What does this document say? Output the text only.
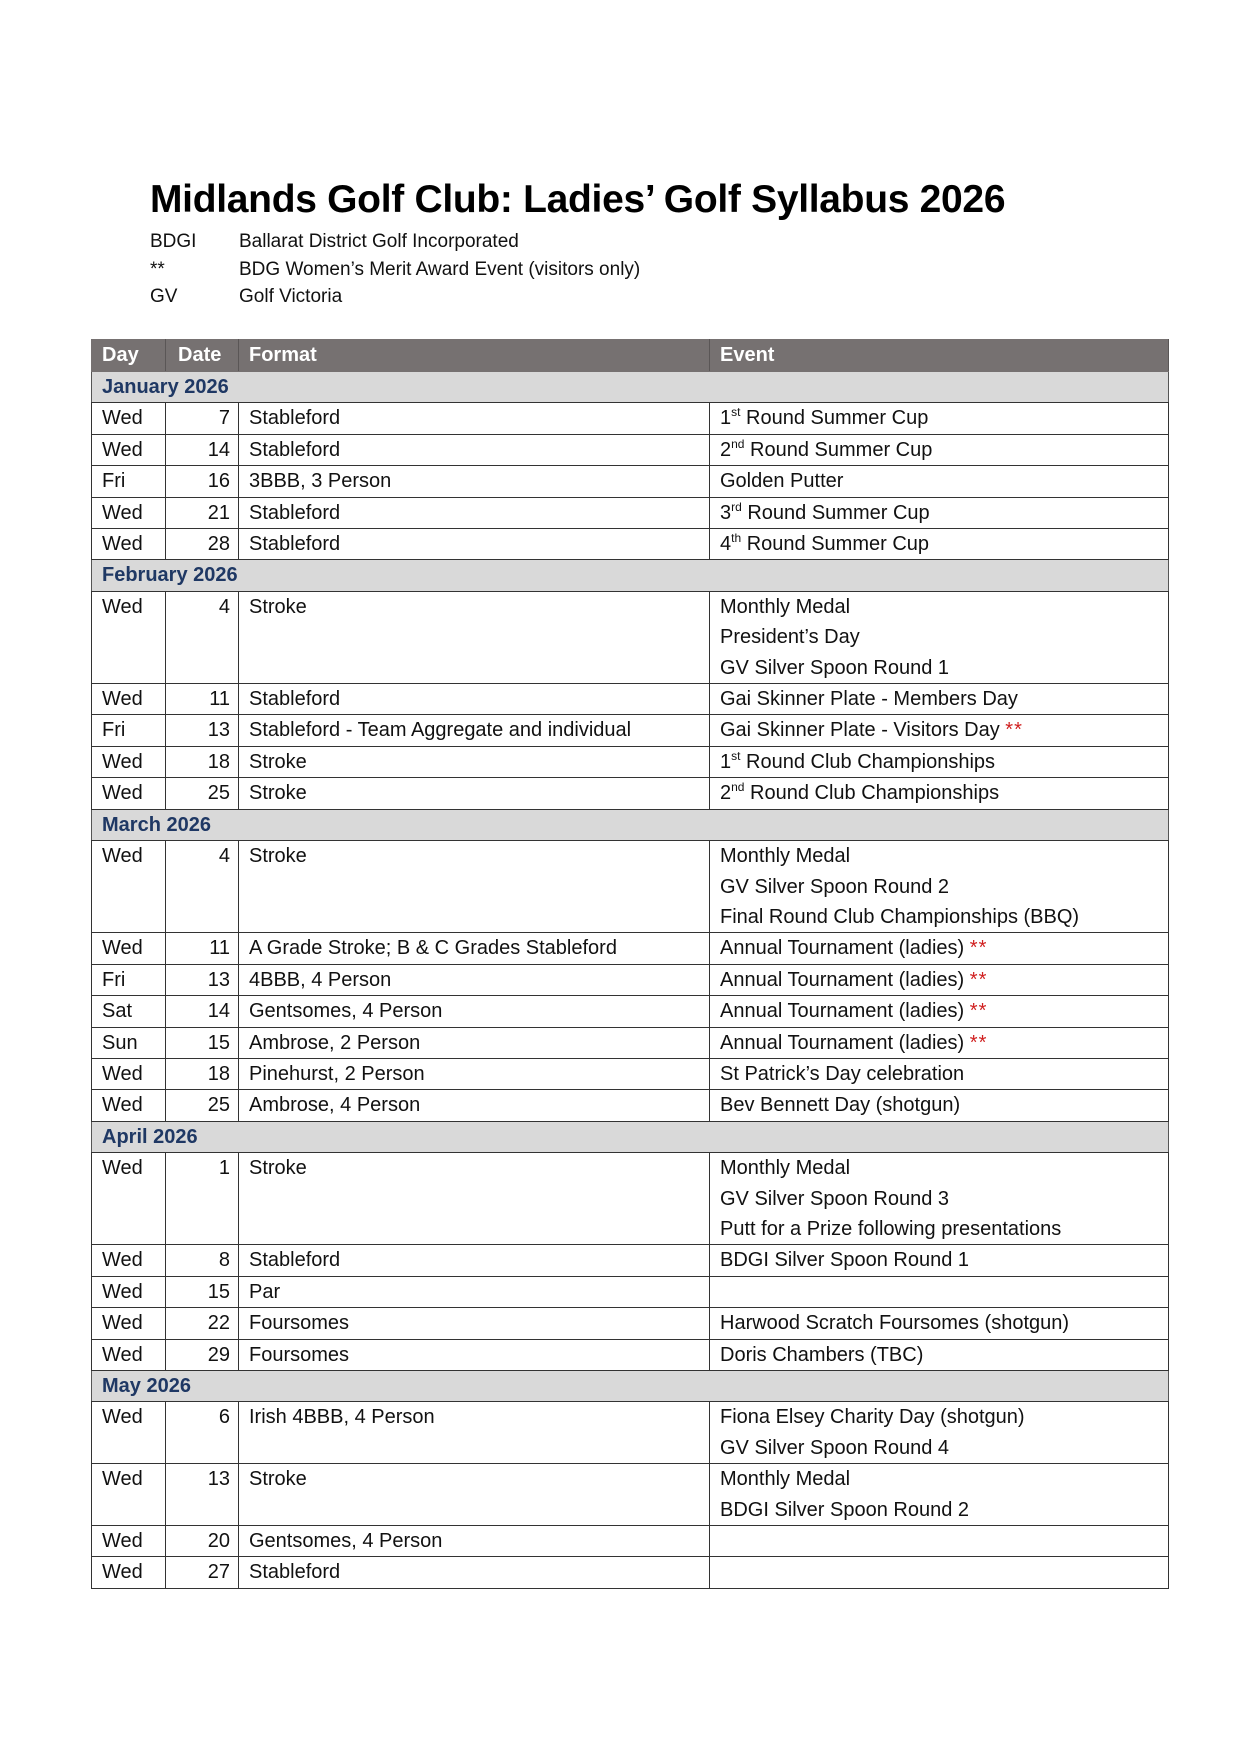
Midlands Golf Club: Ladies’ Golf Syllabus 2026
BDGI	Ballarat District Golf Incorporated
**	BDG Women’s Merit Award Event (visitors only)
GV	Golf Victoria
Day	Date	Format	Event
January 2026			
Wed	7	Stableford	1st Round Summer Cup

Wed	14	Stableford	2nd Round Summer Cup

Fri	16	3BBB, 3 Person	Golden Putter

Wed	21	Stableford	3rd Round Summer Cup

Wed	28	Stableford	4th Round Summer Cup

February 2026			
Wed	4	Stroke	Monthly Medal
President’s Day
GV Silver Spoon Round 1

Wed	11	Stableford	Gai Skinner Plate - Members Day

Fri	13	Stableford - Team Aggregate and individual	Gai Skinner Plate - Visitors Day **

Wed	18	Stroke	1st Round Club Championships

Wed	25	Stroke	2nd Round Club Championships

March 2026			
Wed	4	Stroke	Monthly Medal
GV Silver Spoon Round 2
Final Round Club Championships (BBQ)

Wed	11	A Grade Stroke; B & C Grades Stableford	Annual Tournament (ladies) **

Fri	13	4BBB, 4 Person	Annual Tournament (ladies) **

Sat	14	Gentsomes, 4 Person	Annual Tournament (ladies) **

Sun	15	Ambrose, 2 Person	Annual Tournament (ladies) **

Wed	18	Pinehurst, 2 Person	St Patrick’s Day celebration

Wed	25	Ambrose, 4 Person	Bev Bennett Day (shotgun)

April 2026			
Wed	1	Stroke	Monthly Medal
GV Silver Spoon Round 3
Putt for a Prize following presentations

Wed	8	Stableford	BDGI Silver Spoon Round 1

Wed	15	Par	
Wed	22	Foursomes	Harwood Scratch Foursomes (shotgun)

Wed	29	Foursomes	Doris Chambers (TBC)

May 2026			
Wed	6	Irish 4BBB, 4 Person	Fiona Elsey Charity Day (shotgun)
GV Silver Spoon Round 4

Wed	13	Stroke	Monthly Medal
BDGI Silver Spoon Round 2

Wed	20	Gentsomes, 4 Person	
Wed	27	Stableford	
